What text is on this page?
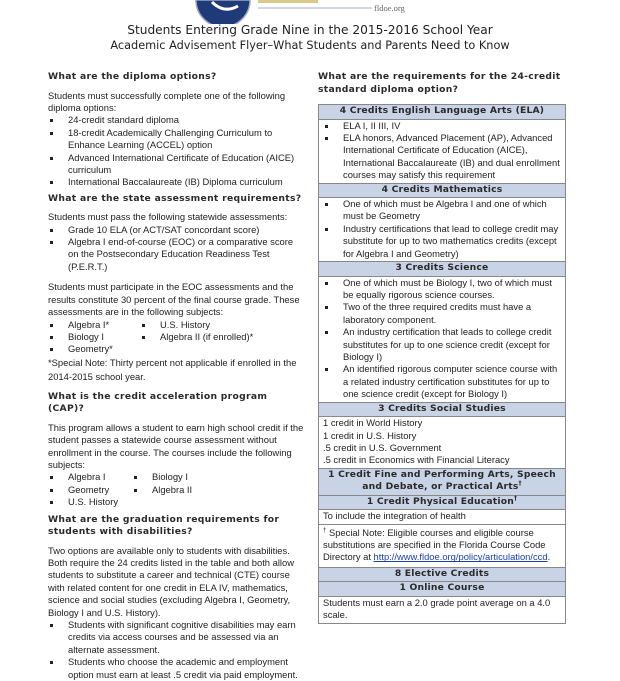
fldoe.org
Students Entering Grade Nine in the 2015-2016 School Year
Academic Advisement Flyer–What Students and Parents Need to Know
What are the diploma options?

Students must successfully complete one of the following diploma options:

24-credit standard diploma
18-credit Academically Challenging Curriculum to Enhance Learning (ACCEL) option
Advanced International Certificate of Education (AICE) curriculum
International Baccalaureate (IB) Diploma curriculum
What are the state assessment requirements?

Students must pass the following statewide assessments:

Grade 10 ELA (or ACT/SAT concordant score)
Algebra I end-of-course (EOC) or a comparative score on the Postsecondary Education Readiness Test (P.E.R.T.)

Students must participate in the EOC assessments and the results constitute 30 percent of the final course grade. These assessments are in the following subjects:

Algebra I*
Biology I
Geometry*
U.S. History
Algebra II (if enrolled)*

*Special Note: Thirty percent not applicable if enrolled in the 2014-2015 school year.

What is the credit acceleration program (CAP)?

This program allows a student to earn high school credit if the student passes a statewide course assessment without enrollment in the course. The courses include the following subjects:

Algebra I
Geometry
U.S. History
Biology I
Algebra II
What are the graduation requirements for students with disabilities?

Two options are available only to students with disabilities. Both require the 24 credits listed in the table and both allow students to substitute a career and technical (CTE) course with related content for one credit in ELA IV, mathematics, science and social studies (excluding Algebra I, Geometry, Biology I and U.S. History).

Students with significant cognitive disabilities may earn credits via access courses and be assessed via an alternate assessment.
Students who choose the academic and employment option must earn at least .5 credit via paid employment.
What are the requirements for the 24-credit standard diploma option?
4 Credits English Language Arts (ELA)

ELA I, II III, IV
ELA honors, Advanced Placement (AP), Advanced International Certificate of Education (AICE), International Baccalaureate (IB) and dual enrollment courses may satisfy this requirement

4 Credits Mathematics

One of which must be Algebra I and one of which must be Geometry
Industry certifications that lead to college credit may substitute for up to two mathematics credits (except for Algebra I and Geometry)

3 Credits Science

One of which must be Biology I, two of which must be equally rigorous science courses.
Two of the three required credits must have a laboratory component.
An industry certification that leads to college credit substitutes for up to one science credit (except for Biology I)
An identified rigorous computer science course with a related industry certification substitutes for up to one science credit (except for Biology I)

3 Credits Social Studies

1 credit in World History
1 credit in U.S. History
.5 credit in U.S. Government
.5 credit in Economics with Financial Literacy

1 Credit Fine and Performing Arts, Speech and Debate, or Practical Arts†
1 Credit Physical Education†
To include the integration of health
† Special Note: Eligible courses and eligible course substitutions are specified in the Florida Course Code Directory at http://www.fldoe.org/policy/articulation/ccd.
8 Elective Credits
1 Online Course
Students must earn a 2.0 grade point average on a 4.0 scale.
